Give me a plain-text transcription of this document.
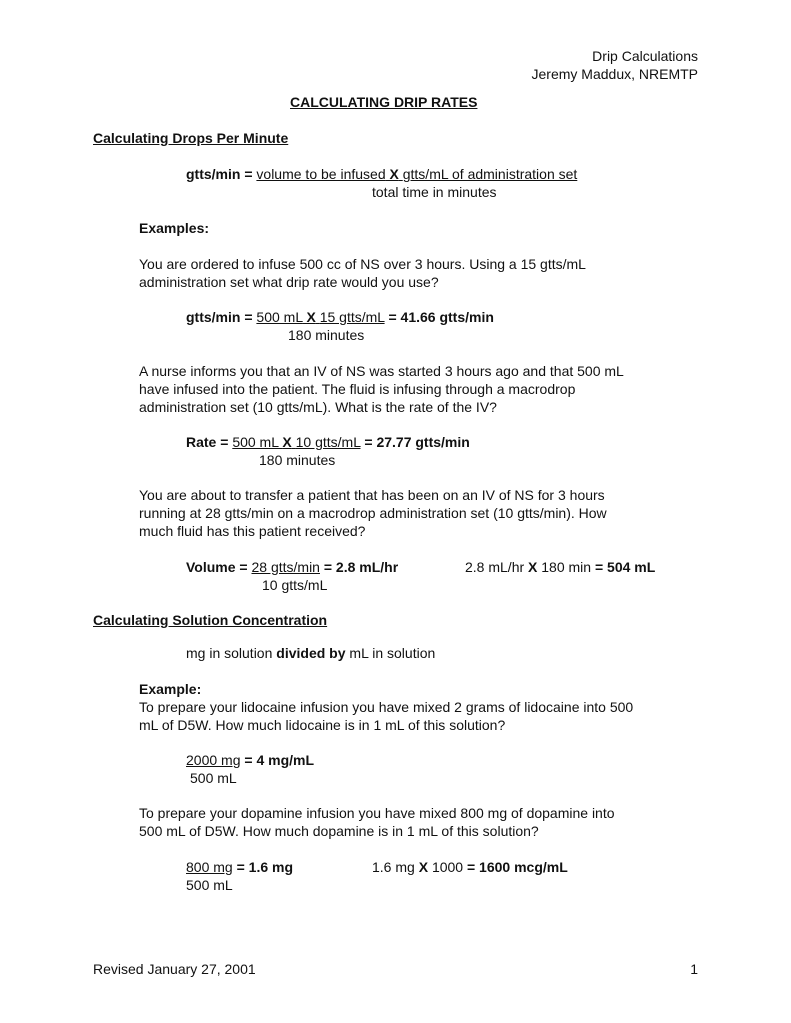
Drip Calculations
Jeremy Maddux, NREMTP
CALCULATING DRIP RATES
Calculating Drops Per Minute
gtts/min = volume to be infused X gtts/mL of administration set
total time in minutes
Examples:
You are ordered to infuse 500 cc of NS over 3 hours. Using a 15 gtts/mL
administration set what drip rate would you use?
gtts/min = 500 mL X 15 gtts/mL = 41.66 gtts/min
180 minutes
A nurse informs you that an IV of NS was started 3 hours ago and that 500 mL
have infused into the patient. The fluid is infusing through a macrodrop
administration set (10 gtts/mL). What is the rate of the IV?
Rate = 500 mL X 10 gtts/mL = 27.77 gtts/min
180 minutes
You are about to transfer a patient that has been on an IV of NS for 3 hours
running at 28 gtts/min on a macrodrop administration set (10 gtts/min). How
much fluid has this patient received?
Volume = 28 gtts/min = 2.8 mL/hr	2.8 mL/hr X 180 min = 504 mL
10 gtts/mL
Calculating Solution Concentration
mg in solution divided by mL in solution
Example:
To prepare your lidocaine infusion you have mixed 2 grams of lidocaine into 500
mL of D5W. How much lidocaine is in 1 mL of this solution?
2000 mg = 4 mg/mL
500 mL
To prepare your dopamine infusion you have mixed 800 mg of dopamine into
500 mL of D5W. How much dopamine is in 1 mL of this solution?
800 mg = 1.6 mg	1.6 mg X 1000 = 1600 mcg/mL
500 mL
Revised January 27, 2001	1
